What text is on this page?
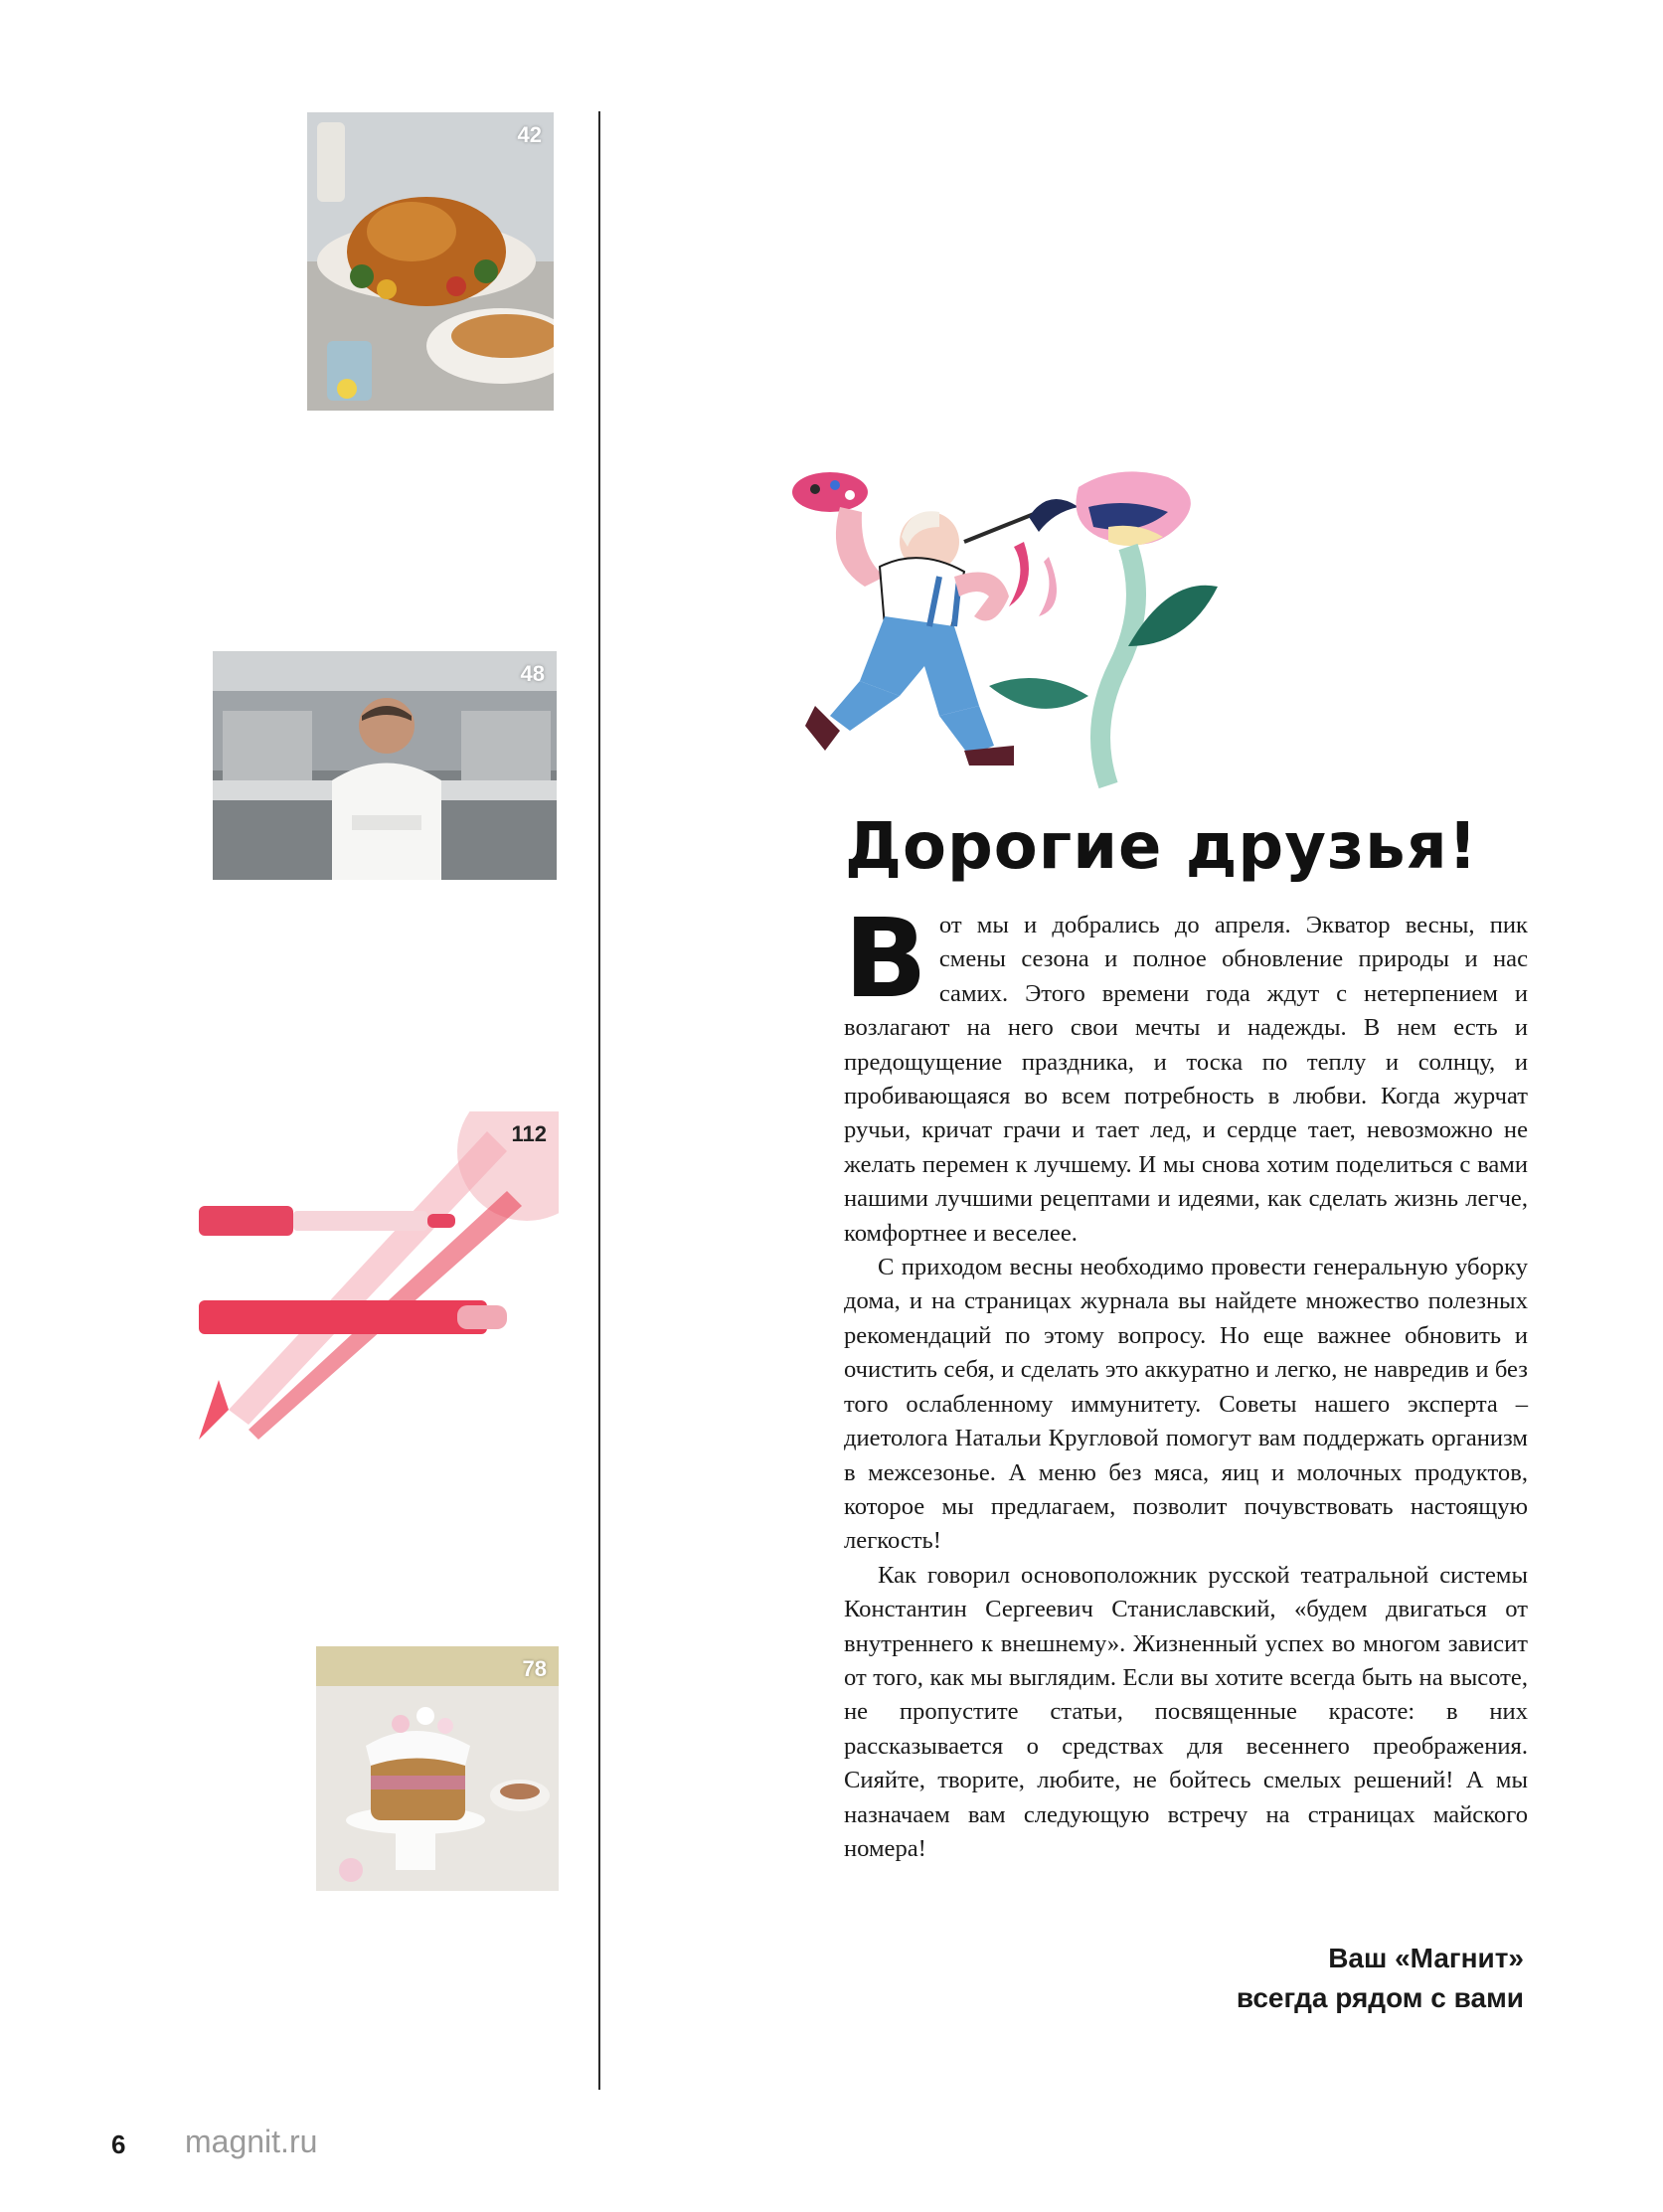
42

48

112

78

Дорогие друзья!

Вот мы и добрались до апреля. Экватор весны, пик смены сезона и полное обновление природы и нас самих. Этого времени года ждут с нетерпением и возлагают на него свои мечты и надежды. В нем есть и предощущение праздника, и тоска по теплу и солнцу, и пробивающаяся во всем потребность в любви. Когда журчат ручьи, кричат грачи и тает лед, и сердце тает, невозможно не желать перемен к лучшему. И мы снова хотим поделиться с вами нашими лучшими рецептами и идеями, как сделать жизнь легче, комфортнее и веселее.

С приходом весны необходимо провести генеральную уборку дома, и на страницах журнала вы найдете множество полезных рекомендаций по этому вопросу. Но еще важнее обновить и очистить себя, и сделать это аккуратно и легко, не навредив и без того ослабленному иммунитету. Советы нашего эксперта – диетолога Натальи Кругловой помогут вам поддержать организм в межсезонье. А меню без мяса, яиц и молочных продуктов, которое мы предлагаем, позволит почувствовать настоящую легкость!

Как говорил основоположник русской театральной системы Константин Сергеевич Станиславский, «будем двигаться от внутреннего к внешнему». Жизненный успех во многом зависит от того, как мы выглядим. Если вы хотите всегда быть на высоте, не пропустите статьи, посвященные красоте: в них рассказывается о средствах для весеннего преображения. Сияйте, творите, любите, не бойтесь смелых решений! А мы назначаем вам следующую встречу на страницах майского номера!

Ваш «Магнит»
всегда рядом с вами
6 magnit.ru
